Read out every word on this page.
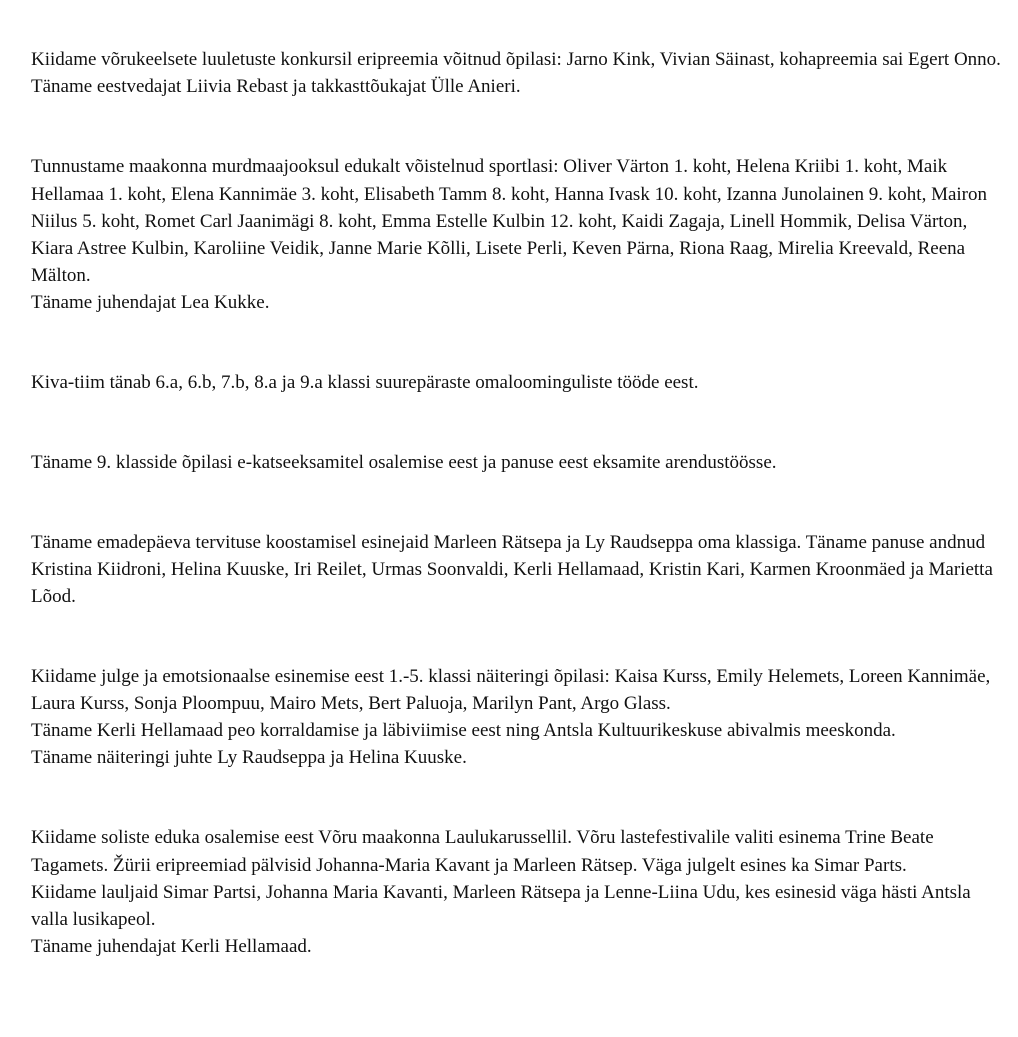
Kiidame võrukeelsete luuletuste konkursil eripreemia võitnud õpilasi: Jarno Kink, Vivian Säinast, kohapreemia sai Egert Onno.
Täname eestvedajat Liivia Rebast ja takkasttõukajat Ülle Anieri.
Tunnustame maakonna murdmaajooksul edukalt võistelnud sportlasi: Oliver Värton 1. koht, Helena Kriibi 1. koht, Maik Hellamaa 1. koht, Elena Kannimäe 3. koht, Elisabeth Tamm 8. koht, Hanna Ivask 10. koht, Izanna Junolainen 9. koht, Mairon Niilus 5. koht, Romet Carl Jaanimägi 8. koht, Emma Estelle Kulbin 12. koht, Kaidi Zagaja, Linell Hommik, Delisa Värton, Kiara Astree Kulbin, Karoliine Veidik, Janne Marie Kõlli, Lisete Perli, Keven Pärna, Riona Raag, Mirelia Kreevald, Reena Mälton.
Täname juhendajat Lea Kukke.
Kiva-tiim tänab 6.a, 6.b, 7.b, 8.a ja 9.a klassi suurepäraste omaloominguliste tööde eest.
Täname 9. klasside õpilasi e-katseeksamitel osalemise eest ja panuse eest eksamite arendustöösse.
Täname emadepäeva tervituse koostamisel esinejaid Marleen Rätsepa ja Ly Raudseppa oma klassiga. Täname panuse andnud Kristina Kiidroni, Helina Kuuske, Iri Reilet, Urmas Soonvaldi, Kerli Hellamaad, Kristin Kari, Karmen Kroonmäed ja Marietta Lõod.
Kiidame julge ja emotsionaalse esinemise eest 1.-5. klassi näiteringi õpilasi: Kaisa Kurss, Emily Helemets, Loreen Kannimäe, Laura Kurss, Sonja Ploompuu, Mairo Mets, Bert Paluoja, Marilyn Pant, Argo Glass.
Täname Kerli Hellamaad peo korraldamise ja läbiviimise eest ning Antsla Kultuurikeskuse abivalmis meeskonda.
Täname näiteringi juhte Ly Raudseppa ja Helina Kuuske.
Kiidame soliste eduka osalemise eest Võru maakonna Laulukarussellil. Võru lastefestivalile valiti esinema Trine Beate Tagamets. Žürii eripreemiad pälvisid Johanna-Maria Kavant ja Marleen Rätsep. Väga julgelt esines ka Simar Parts.
Kiidame lauljaid Simar Partsi, Johanna Maria Kavanti, Marleen Rätsepa ja Lenne-Liina Udu, kes esinesid väga hästi Antsla valla lusikapeol.
Täname juhendajat Kerli Hellamaad.
